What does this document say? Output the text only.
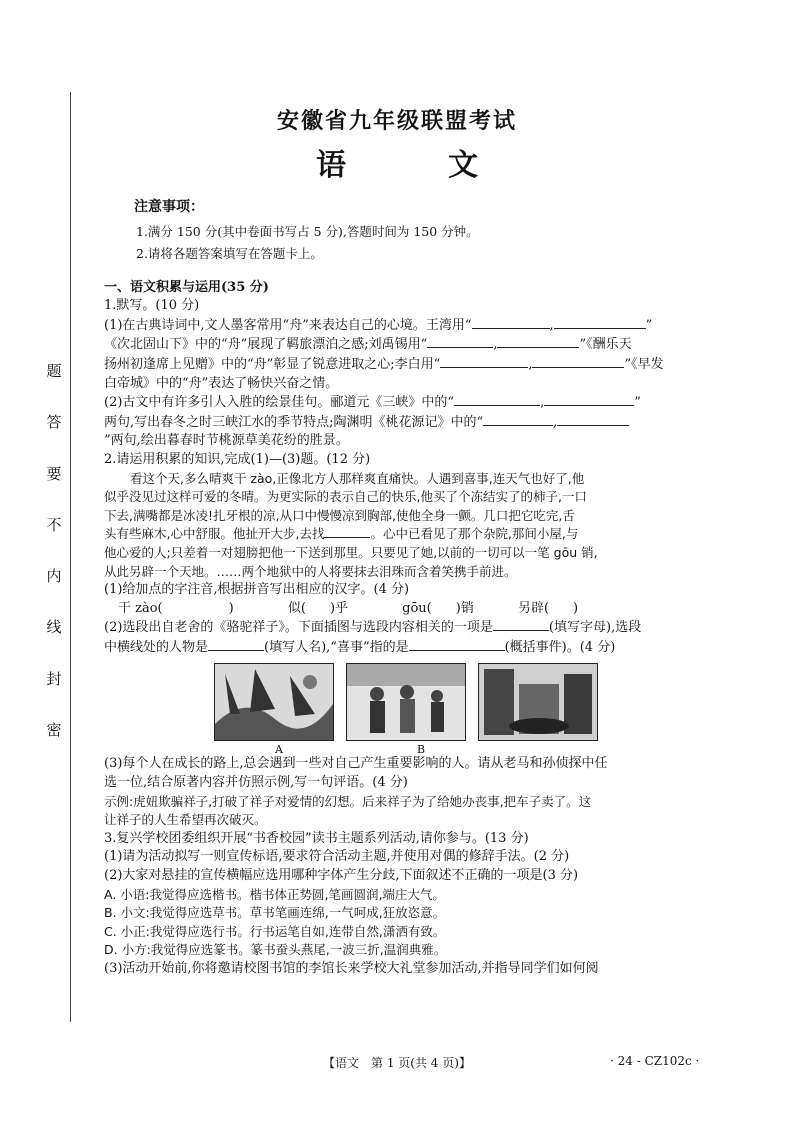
题
答
要
不
内
线
封
密
安徽省九年级联盟考试
语　文

注意事项：

1.满分 150 分(其中卷面书写占 5 分),答题时间为 150 分钟。

2.请将各题答案填写在答题卡上。

一、语文积累与运用(35 分)

1.默写。(10 分)

(1)在古典诗词中,文人墨客常用“舟”来表达自己的心境。王湾用“	,	”

《次北固山下》中的“舟”展现了羁旅漂泊之感;刘禹锡用“	,	”《酬乐天

扬州初逢席上见赠》中的“舟”彰显了锐意进取之心;李白用“	,	”《早发

白帝城》中的“舟”表达了畅快兴奋之情。

(2)古文中有许多引人入胜的绘景佳句。郦道元《三峡》中的“	,	”

两句,写出春冬之时三峡江水的季节特点;陶渊明《桃花源记》中的“	,

”两句,绘出暮春时节桃源草美花纷的胜景。

2.请运用积累的知识,完成(1)—(3)题。(12 分)

看这个天,多么晴爽干 zào,正像北方人那样爽直痛快。人遇到喜事,连天气也好了,他

似乎没见过这样可爱的冬晴。为更实际的表示自己的快乐,他买了个冻结实了的柿子,一口

下去,满嘴都是冰凌!扎牙根的凉,从口中慢慢凉到胸部,使他全身一颤。几口把它吃完,舌

头有些麻木,心中舒服。他扯开大步,去找	。心中已看见了那个杂院,那间小屋,与

他心爱的人;只差着一对翅膀把他一下送到那里。只要见了她,以前的一切可以一笔 gōu 销,

从此另辟一个天地。……两个地狱中的人将要抹去泪珠而含着笑携手前进。

(1)给加点的字注音,根据拼音写出相应的汉字。(4 分)

干 zào(	)	似( )乎	gōu( )销	另辟( )

(2)选段出自老舍的《骆驼祥子》。下面插图与选段内容相关的一项是	(填写字母),选段

中横线处的人物是	(填写人名),“喜事”指的是	(概括事件)。(4 分)

A	B

(3)每个人在成长的路上,总会遇到一些对自己产生重要影响的人。请从老马和孙侦探中任

选一位,结合原著内容并仿照示例,写一句评语。(4 分)

示例:虎妞欺骗祥子,打破了祥子对爱情的幻想。后来祥子为了给她办丧事,把车子卖了。这

让祥子的人生希望再次破灭。

3.复兴学校团委组织开展“书香校园”读书主题系列活动,请你参与。(13 分)

(1)请为活动拟写一则宣传标语,要求符合活动主题,并使用对偶的修辞手法。(2 分)

(2)大家对悬挂的宣传横幅应选用哪种字体产生分歧,下面叙述不正确的一项是(3 分)

A. 小语:我觉得应选楷书。楷书体正势圆,笔画圆润,端庄大气。

B. 小文:我觉得应选草书。草书笔画连绵,一气呵成,狂放恣意。

C. 小正:我觉得应选行书。行书运笔自如,连带自然,潇洒有致。

D. 小方:我觉得应选篆书。篆书蚕头燕尾,一波三折,温润典雅。

(3)活动开始前,你将邀请校图书馆的李馆长来学校大礼堂参加活动,并指导同学们如何阅

【语文　第 1 页(共 4 页)】	· 24 - CZ102c ·
